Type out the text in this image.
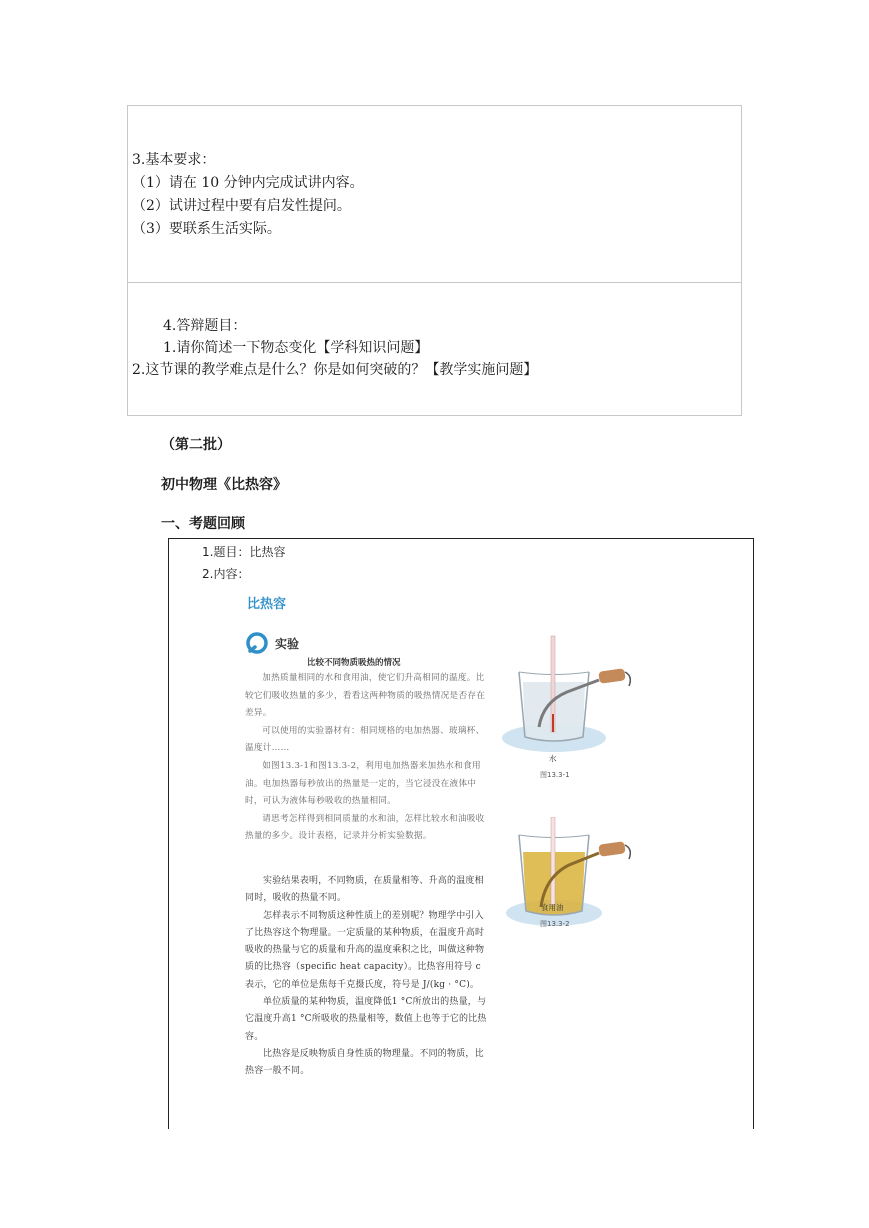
3.基本要求：
（1）请在 10 分钟内完成试讲内容。
（2）试讲过程中要有启发性提问。
（3）要联系生活实际。
4.答辩题目：
1.请你简述一下物态变化【学科知识问题】
2.这节课的教学难点是什么？你是如何突破的？【教学实施问题】
（第二批）
初中物理《比热容》
一、考题回顾
1.题目：比热容
2.内容：
比热容
实验
比较不同物质吸热的情况

加热质量相同的水和食用油，使它们升高相同的温度。比较它们吸收热量的多少，看看这两种物质的吸热情况是否存在差异。

可以使用的实验器材有：相同规格的电加热器、玻璃杯、温度计……

如图13.3-1和图13.3-2，利用电加热器来加热水和食用油。电加热器每秒放出的热量是一定的，当它浸没在液体中时，可认为液体每秒吸收的热量相同。

请思考怎样得到相同质量的水和油，怎样比较水和油吸收热量的多少。设计表格，记录并分析实验数据。

实验结果表明，不同物质，在质量相等、升高的温度相同时，吸收的热量不同。

怎样表示不同物质这种性质上的差别呢？物理学中引入了比热容这个物理量。一定质量的某种物质，在温度升高时吸收的热量与它的质量和升高的温度乘积之比，叫做这种物质的比热容（specific heat capacity）。比热容用符号 c 表示，它的单位是焦每千克摄氏度，符号是 J/(kg · °C)。

单位质量的某种物质，温度降低1 °C所放出的热量，与它温度升高1 °C所吸收的热量相等，数值上也等于它的比热容。

比热容是反映物质自身性质的物理量。不同的物质，比热容一般不同。

水
图13.3-1
食用油
图13.3-2
